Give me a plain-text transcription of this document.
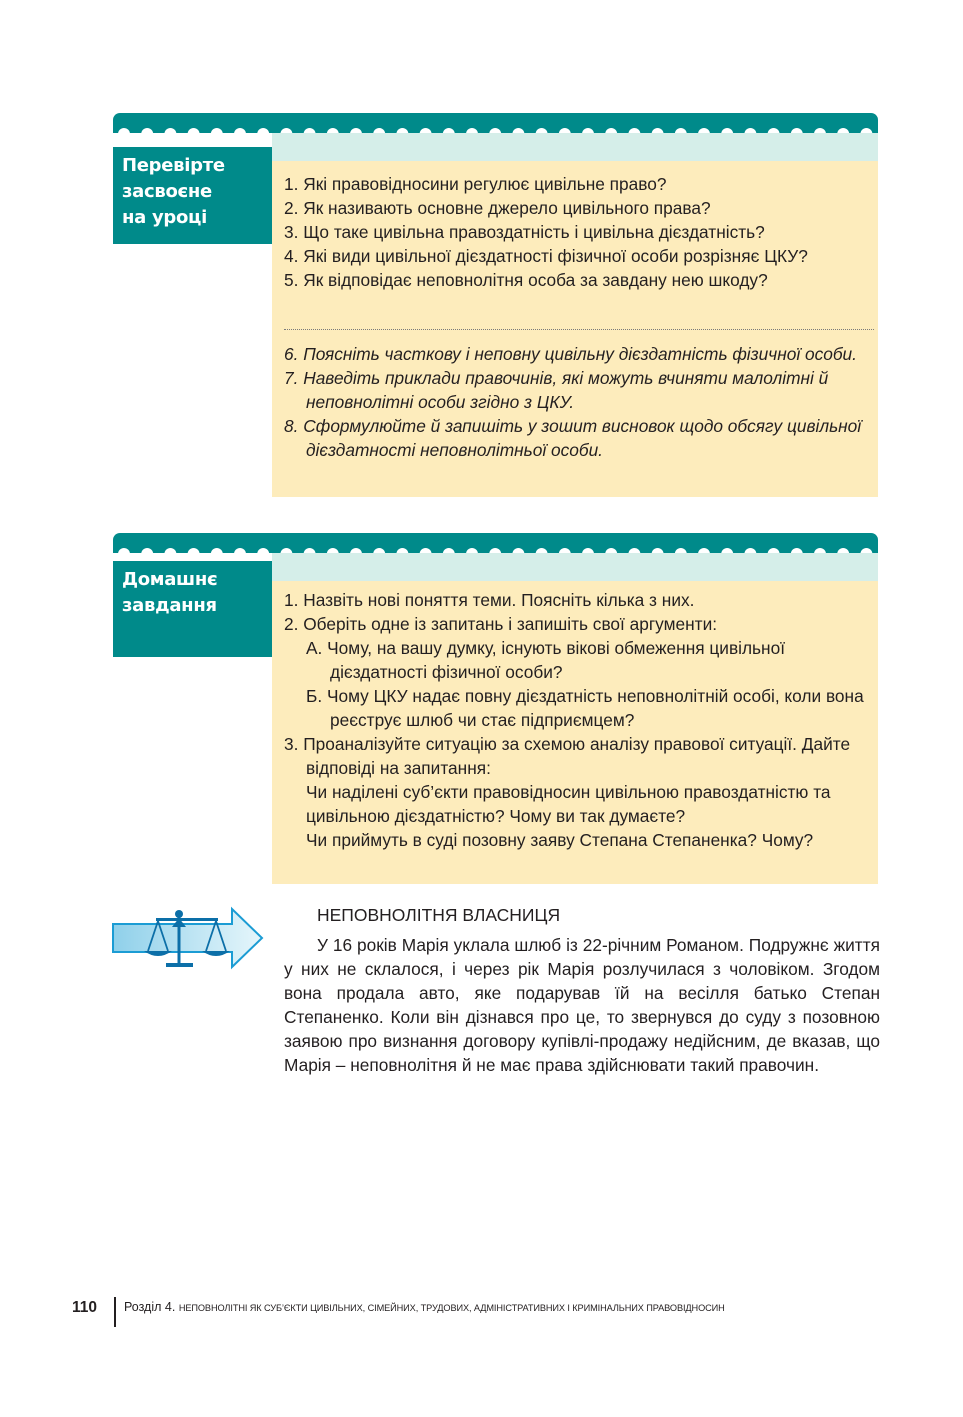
Перевірте
засвоєне
на уроці
1. Які правовідносини регулює цивільне право?
2. Як називають основне джерело цивільного права?
3. Що таке цивільна правоздатність і цивільна дієздатність?
4. Які види цивільної дієздатності фізичної особи розрізняє ЦКУ?
5. Як відповідає неповнолітня особа за завдану нею шкоду?
6. Поясніть часткову і неповну цивільну дієздатність фізичної особи.
7. Наведіть приклади правочинів, які можуть вчиняти малолітні й неповнолітні особи згідно з ЦКУ.
8. Сформулюйте й запишіть у зошит висновок щодо обсягу цивільної дієздатності неповнолітньої особи.
Домашнє
завдання	1. Назвіть нові поняття теми. Поясніть кілька з них.
2. Оберіть одне із запитань і запишіть свої аргументи:
А. Чому, на вашу думку, існують вікові обмеження цивільної дієздатності фізичної особи?
Б. Чому ЦКУ надає повну дієздатність неповнолітній особі, коли вона реєструє шлюб чи стає підприємцем?
3. Проаналізуйте ситуацію за схемою аналізу правової ситуації. Дайте відповіді на запитання:
Чи наділені суб’єкти правовідносин цивільною правоздатністю та цивільною дієздатністю? Чому ви так думаєте?
Чи приймуть в суді позовну заяву Степана Степаненка? Чому?
НЕПОВНОЛІТНЯ ВЛАСНИЦЯ

У 16 років Марія уклала шлюб із 22-річним Романом. Подружнє життя у них не склалося, і через рік Марія розлучилася з чоловіком. Згодом вона продала авто, яке подарував їй на весілля батько Степан Степаненко. Коли він дізнався про це, то звернувся до суду з позовною заявою про визнання договору купівлі-продажу недійсним, де вказав, що Марія – неповнолітня й не має права здійснювати такий правочин.

110 Розділ 4. НЕПОВНОЛІТНІ ЯК СУБ’ЄКТИ ЦИВІЛЬНИХ, СІМЕЙНИХ, ТРУДОВИХ, АДМІНІСТРАТИВНИХ І КРИМІНАЛЬНИХ ПРАВОВІДНОСИН
